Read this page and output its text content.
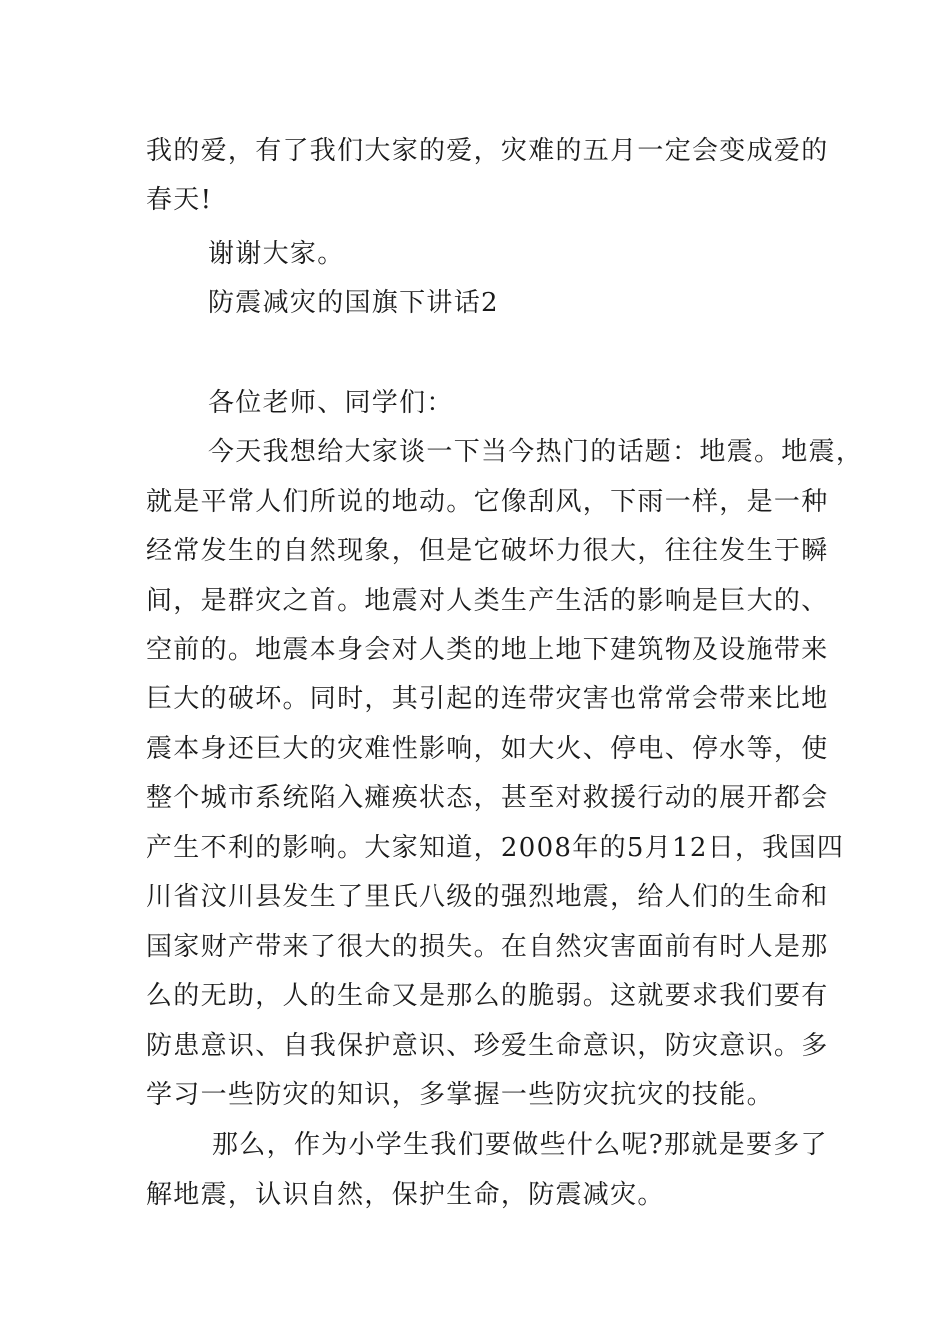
我的爱，有了我们大家的爱，灾难的五月一定会变成爱的

春天!

谢谢大家。

防震减灾的国旗下讲话2

各位老师、同学们：

今天我想给大家谈一下当今热门的话题：地震。地震，

就是平常人们所说的地动。它像刮风，下雨一样，是一种

经常发生的自然现象，但是它破坏力很大，往往发生于瞬

间，是群灾之首。地震对人类生产生活的影响是巨大的、

空前的。地震本身会对人类的地上地下建筑物及设施带来

巨大的破坏。同时，其引起的连带灾害也常常会带来比地

震本身还巨大的灾难性影响，如大火、停电、停水等，使

整个城市系统陷入瘫痪状态，甚至对救援行动的展开都会

产生不利的影响。大家知道，2008年的5月12日，我国四

川省汶川县发生了里氏八级的强烈地震，给人们的生命和

国家财产带来了很大的损失。在自然灾害面前有时人是那

么的无助，人的生命又是那么的脆弱。这就要求我们要有

防患意识、自我保护意识、珍爱生命意识，防灾意识。多

学习一些防灾的知识，多掌握一些防灾抗灾的技能。

那么，作为小学生我们要做些什么呢?那就是要多了

解地震，认识自然，保护生命，防震减灾。
